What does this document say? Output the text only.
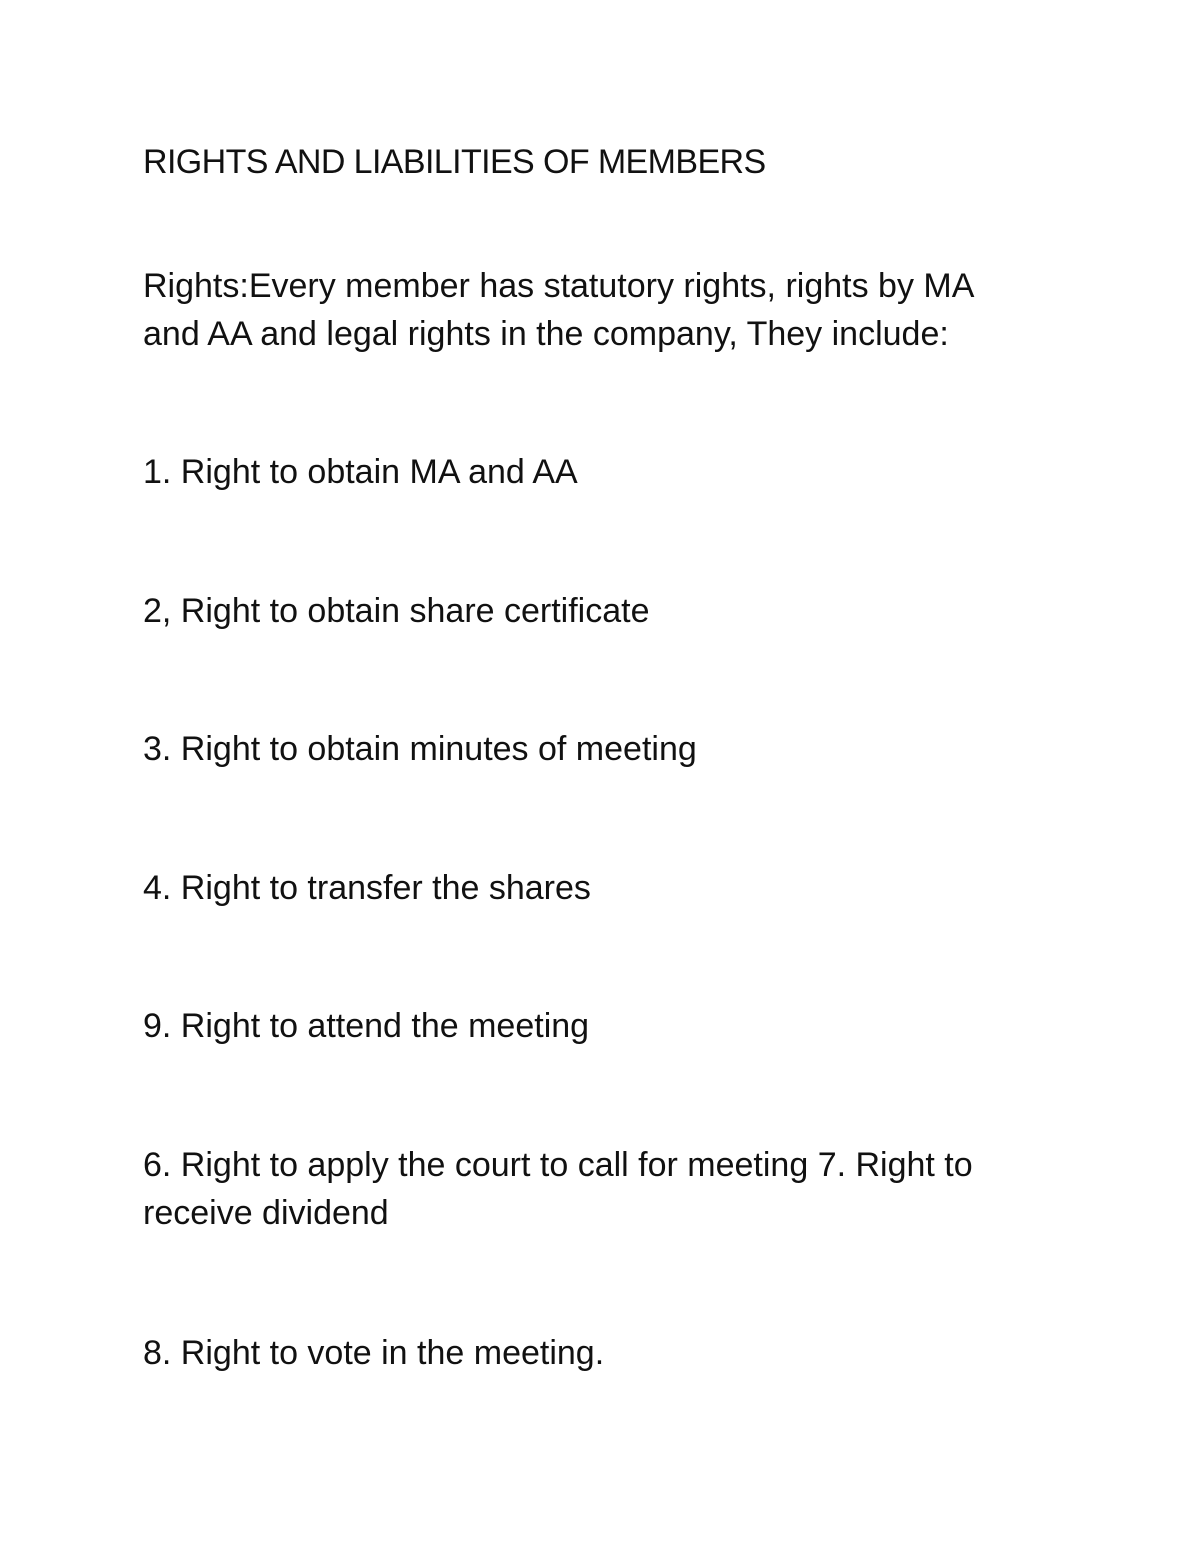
RIGHTS AND LIABILITIES OF MEMBERS

Rights:Every member has statutory rights, rights by MA
and AA and legal rights in the company, They include:

1. Right to obtain MA and AA

2, Right to obtain share certificate

3. Right to obtain minutes of meeting

4. Right to transfer the shares

9. Right to attend the meeting

6. Right to apply the court to call for meeting 7. Right to receive dividend

8. Right to vote in the meeting.
